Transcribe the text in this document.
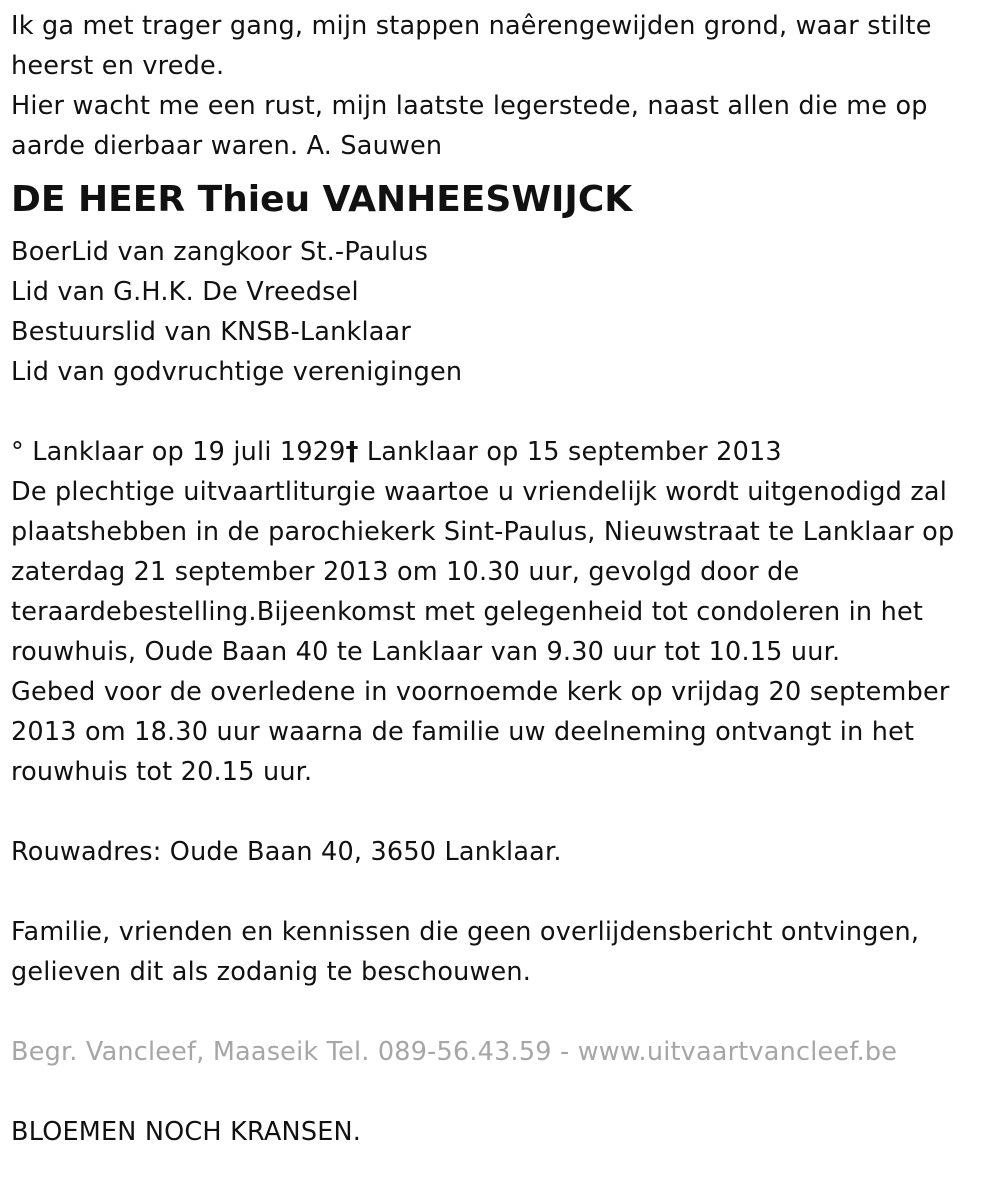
Ik ga met trager gang, mijn stappen naêrengewijden grond, waar stilte
heerst en vrede.
Hier wacht me een rust, mijn laatste legerstede, naast allen die me op
aarde dierbaar waren. A. Sauwen
DE HEER Thieu VANHEESWIJCK
BoerLid van zangkoor St.-Paulus
Lid van G.H.K. De Vreedsel
Bestuurslid van KNSB-Lanklaar
Lid van godvruchtige verenigingen
° Lanklaar op 19 juli 1929† Lanklaar op 15 september 2013
De plechtige uitvaartliturgie waartoe u vriendelijk wordt uitgenodigd zal
plaatshebben in de parochiekerk Sint-Paulus, Nieuwstraat te Lanklaar op
zaterdag 21 september 2013 om 10.30 uur, gevolgd door de
teraardebestelling.Bijeenkomst met gelegenheid tot condoleren in het
rouwhuis, Oude Baan 40 te Lanklaar van 9.30 uur tot 10.15 uur.
Gebed voor de overledene in voornoemde kerk op vrijdag 20 september
2013 om 18.30 uur waarna de familie uw deelneming ontvangt in het
rouwhuis tot 20.15 uur.
Rouwadres: Oude Baan 40, 3650 Lanklaar.
Familie, vrienden en kennissen die geen overlijdensbericht ontvingen,
gelieven dit als zodanig te beschouwen.
Begr. Vancleef, Maaseik Tel. 089-56.43.59 - www.uitvaartvancleef.be
BLOEMEN NOCH KRANSEN.
